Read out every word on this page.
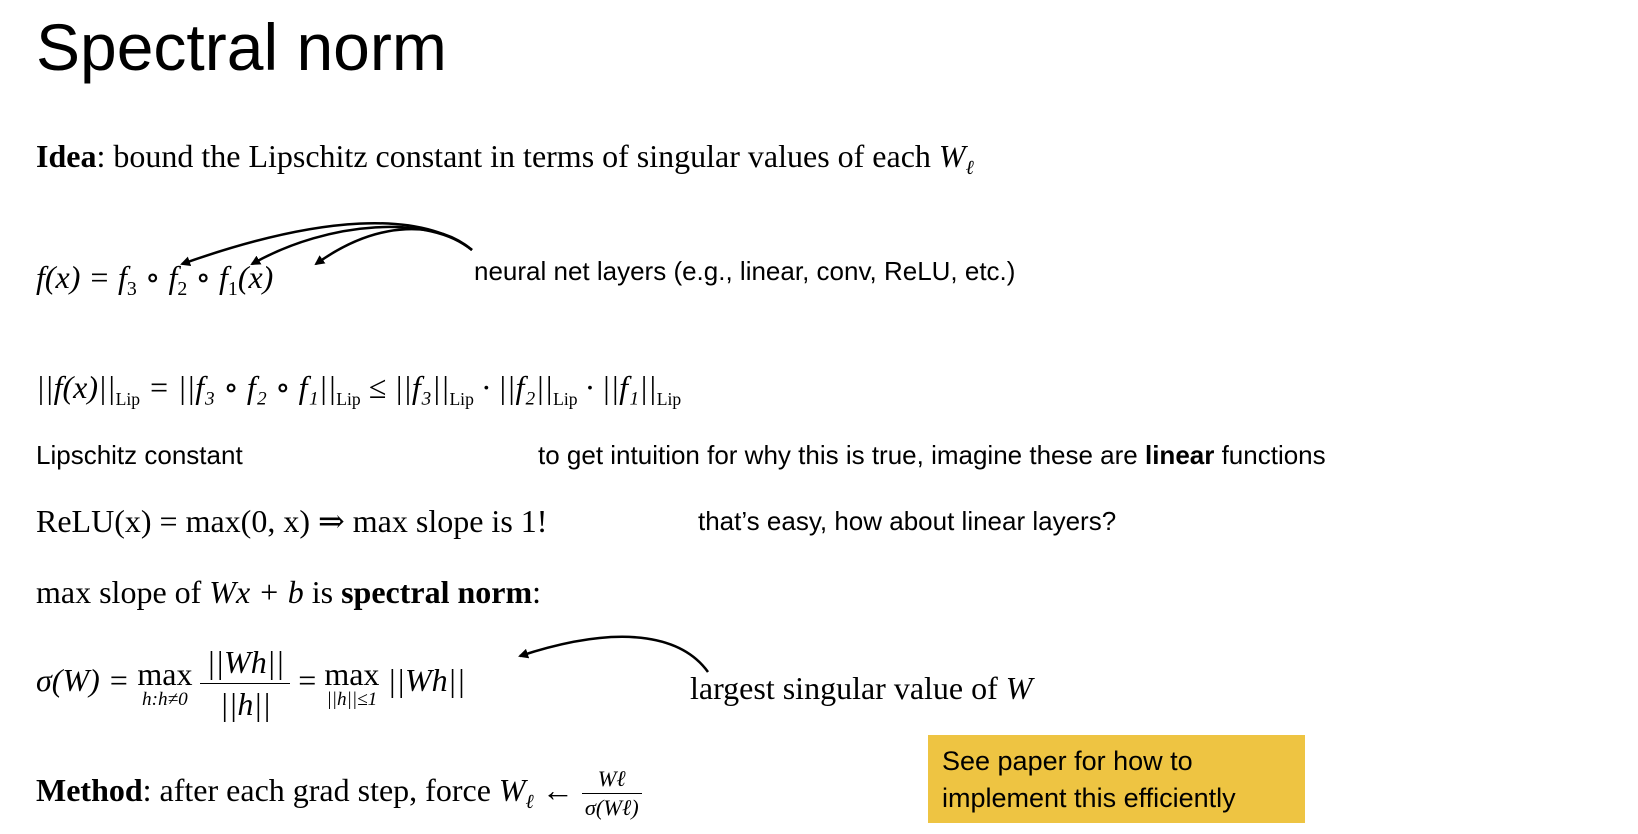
Spectral norm
Idea: bound the Lipschitz constant in terms of singular values of each $W_\ell$
$f(x) = f_3$ ∘ $f_2$ ∘ $f_1(x)$	neural net layers (e.g., linear, conv, ReLU, etc.)
$||f(x)||_{Lip} = ||f_3$ ∘ f₂ ∘ $f_1||_{Lip} \le ||f_3||_{Lip} \cdot ||f_2||_{Lip} \cdot ||f_1||_{Lip}$
Lipschitz constant	to get intuition for why this is true, imagine these are linear functions
ReLU(x) = max(0, x) ⇒ max slope is 1!	that’s easy, how about linear layers?
max slope of Wx + b is spectral norm:
σ(W) = max
h:h≠0
$\frac{||Wh||}{||h||} = \max$
||h||≤1
||Wh||	largest singular value of W
Method: after each grad step, force $W_\ell$ ← $\frac{\text{Wℓ}}{\text{σ(Wℓ)}}$
See paper for how to implement this efficiently
